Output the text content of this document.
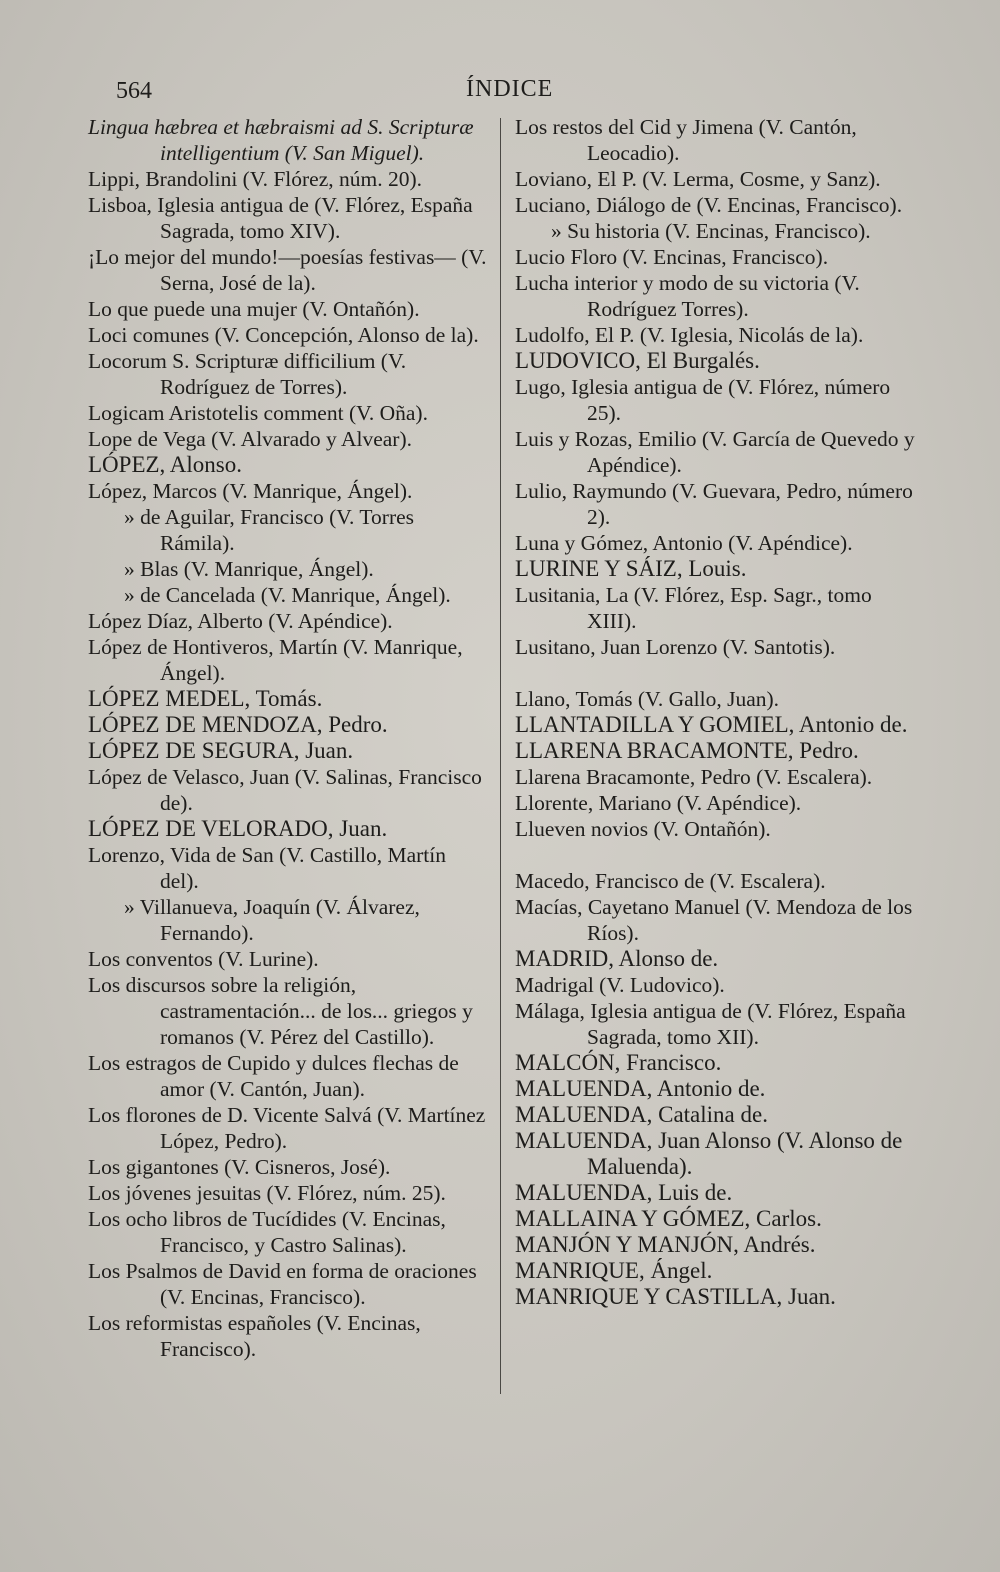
564	ÍNDICE
Lingua hæbrea et hæbraismi ad S. Scripturæ intelligentium (V. San Miguel).
Lippi, Brandolini (V. Flórez, núm. 20).
Lisboa, Iglesia antigua de (V. Flórez, España Sagrada, tomo XIV).
¡Lo mejor del mundo!—poesías festivas— (V. Serna, José de la).
Lo que puede una mujer (V. Ontañón).
Loci comunes (V. Concepción, Alonso de la).
Locorum S. Scripturæ difficilium (V. Rodríguez de Torres).
Logicam Aristotelis comment (V. Oña).
Lope de Vega (V. Alvarado y Alvear).
LÓPEZ, Alonso.
López, Marcos (V. Manrique, Ángel).
» de Aguilar, Francisco (V. Torres Rámila).
» Blas (V. Manrique, Ángel).
» de Cancelada (V. Manrique, Ángel).
López Díaz, Alberto (V. Apéndice).
López de Hontiveros, Martín (V. Manrique, Ángel).
LÓPEZ MEDEL, Tomás.
LÓPEZ DE MENDOZA, Pedro.
LÓPEZ DE SEGURA, Juan.
López de Velasco, Juan (V. Salinas, Francisco de).
LÓPEZ DE VELORADO, Juan.
Lorenzo, Vida de San (V. Castillo, Martín del).
» Villanueva, Joaquín (V. Álvarez, Fernando).
Los conventos (V. Lurine).
Los discursos sobre la religión, castramentación... de los... griegos y romanos (V. Pérez del Castillo).
Los estragos de Cupido y dulces flechas de amor (V. Cantón, Juan).
Los florones de D. Vicente Salvá (V. Martínez López, Pedro).
Los gigantones (V. Cisneros, José).
Los jóvenes jesuitas (V. Flórez, núm. 25).
Los ocho libros de Tucídides (V. Encinas, Francisco, y Castro Salinas).
Los Psalmos de David en forma de oraciones (V. Encinas, Francisco).
Los reformistas españoles (V. Encinas, Francisco).
Los restos del Cid y Jimena (V. Cantón, Leocadio).
Loviano, El P. (V. Lerma, Cosme, y Sanz).
Luciano, Diálogo de (V. Encinas, Francisco).
» Su historia (V. Encinas, Francisco).
Lucio Floro (V. Encinas, Francisco).
Lucha interior y modo de su victoria (V. Rodríguez Torres).
Ludolfo, El P. (V. Iglesia, Nicolás de la).
LUDOVICO, El Burgalés.
Lugo, Iglesia antigua de (V. Flórez, número 25).
Luis y Rozas, Emilio (V. García de Quevedo y Apéndice).
Lulio, Raymundo (V. Guevara, Pedro, número 2).
Luna y Gómez, Antonio (V. Apéndice).
LURINE Y SÁIZ, Louis.
Lusitania, La (V. Flórez, Esp. Sagr., tomo XIII).
Lusitano, Juan Lorenzo (V. Santotis).
Llano, Tomás (V. Gallo, Juan).
LLANTADILLA Y GOMIEL, Antonio de.
LLARENA BRACAMONTE, Pedro.
Llarena Bracamonte, Pedro (V. Escalera).
Llorente, Mariano (V. Apéndice).
Llueven novios (V. Ontañón).
Macedo, Francisco de (V. Escalera).
Macías, Cayetano Manuel (V. Mendoza de los Ríos).
MADRID, Alonso de.
Madrigal (V. Ludovico).
Málaga, Iglesia antigua de (V. Flórez, España Sagrada, tomo XII).
MALCÓN, Francisco.
MALUENDA, Antonio de.
MALUENDA, Catalina de.
MALUENDA, Juan Alonso (V. Alonso de Maluenda).
MALUENDA, Luis de.
MALLAINA Y GÓMEZ, Carlos.
MANJÓN Y MANJÓN, Andrés.
MANRIQUE, Ángel.
MANRIQUE Y CASTILLA, Juan.
